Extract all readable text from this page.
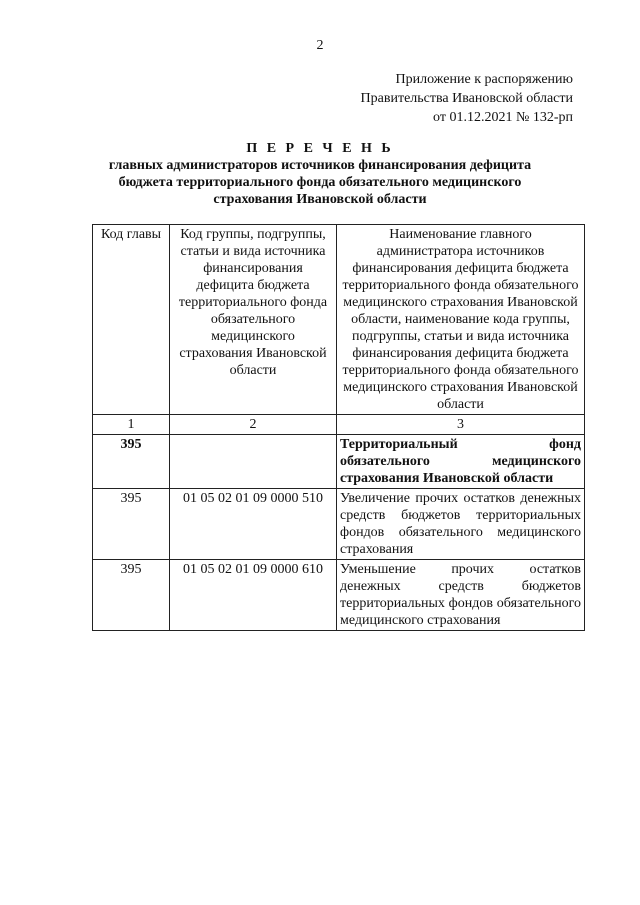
2
Приложение к распоряжению
Правительства Ивановской области
от 01.12.2021 № 132-рп
П Е Р Е Ч Е Н Ь
главных администраторов источников финансирования дефицита
бюджета территориального фонда обязательного медицинского
страхования Ивановской области
Код главы	Код группы, подгруппы, статьи и вида источника финансирования дефицита бюджета территориального фонда обязательного медицинского страхования Ивановской области	Наименование главного администратора источников финансирования дефицита бюджета территориального фонда обязательного медицинского страхования Ивановской области, наименование кода группы, подгруппы, статьи и вида источника финансирования дефицита бюджета территориального фонда обязательного медицинского страхования Ивановской области
1	2	3
395		Территориальный фонд обязательного медицинского страхования Ивановской области
395	01 05 02 01 09 0000 510	Увеличение прочих остатков денежных средств бюджетов территориальных фондов обязательного медицинского страхования
395	01 05 02 01 09 0000 610	Уменьшение прочих остатков денежных средств бюджетов территориальных фондов обязательного медицинского страхования
